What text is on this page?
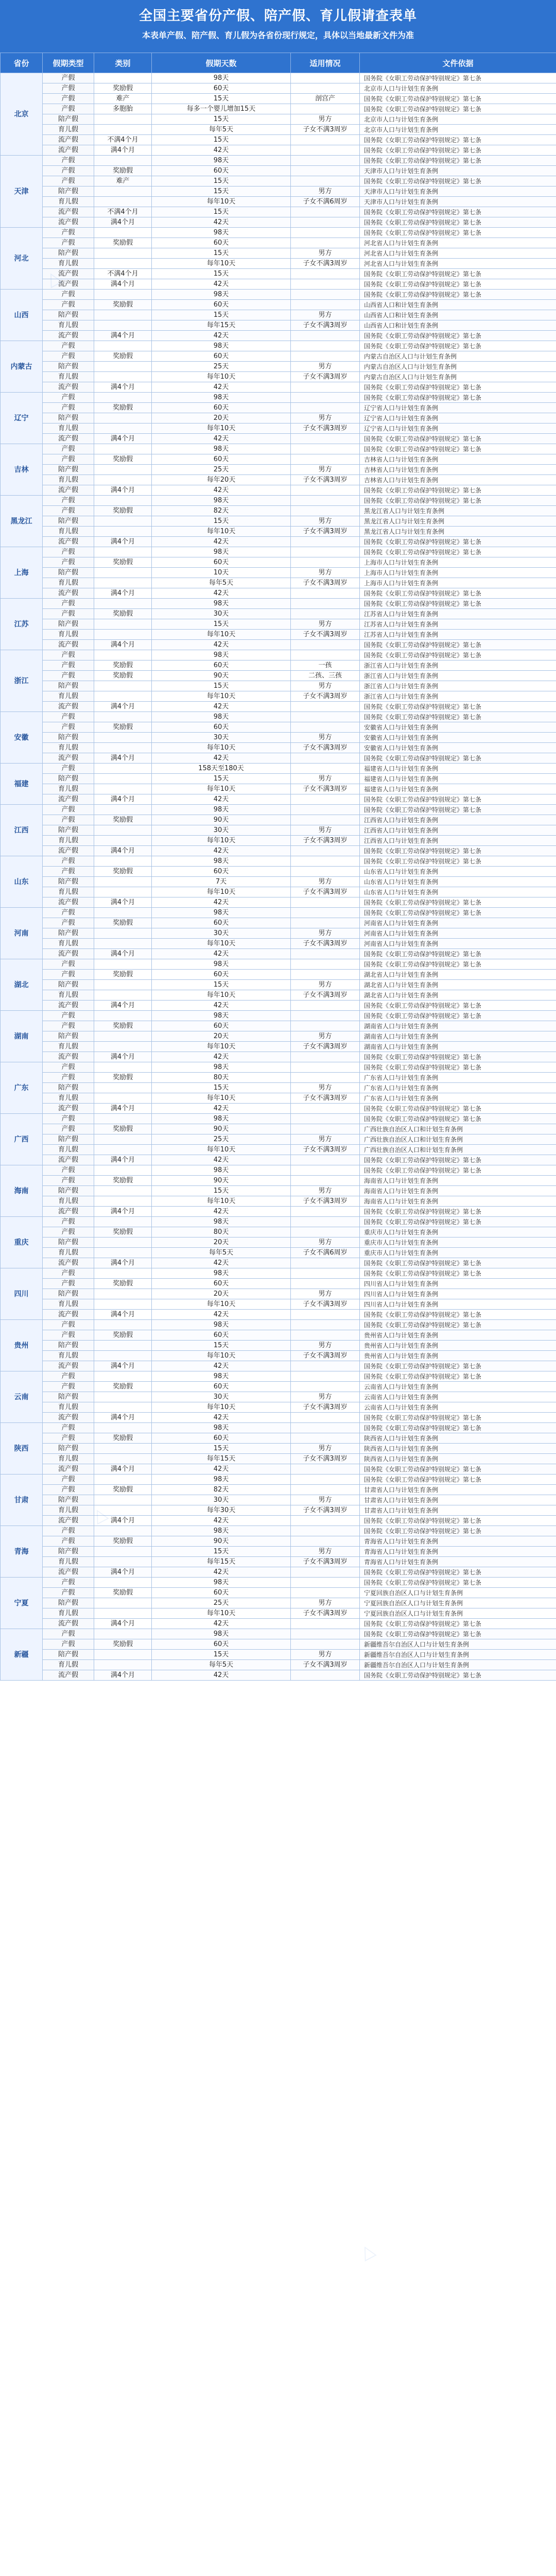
全国主要省份产假、陪产假、育儿假请查表单
本表单产假、陪产假、育儿假为各省份现行规定，具体以当地最新文件为准
省份	假期类型	类别	假期天数	适用情况	文件依据
北京	产假		98天		国务院《女职工劳动保护特别规定》第七条
	产假	奖励假	60天		北京市人口与计划生育条例
	产假	难产	15天	剖宫产	国务院《女职工劳动保护特别规定》第七条
	产假	多胞胎	每多一个婴儿增加15天		国务院《女职工劳动保护特别规定》第七条
	陪产假		15天	男方	北京市人口与计划生育条例
	育儿假		每年5天	子女不满3周岁	北京市人口与计划生育条例
	流产假	不满4个月	15天		国务院《女职工劳动保护特别规定》第七条
	流产假	满4个月	42天		国务院《女职工劳动保护特别规定》第七条
天津	产假		98天		国务院《女职工劳动保护特别规定》第七条
	产假	奖励假	60天		天津市人口与计划生育条例
	产假	难产	15天		国务院《女职工劳动保护特别规定》第七条
	陪产假		15天	男方	天津市人口与计划生育条例
	育儿假		每年10天	子女不满6周岁	天津市人口与计划生育条例
	流产假	不满4个月	15天		国务院《女职工劳动保护特别规定》第七条
	流产假	满4个月	42天		国务院《女职工劳动保护特别规定》第七条
河北	产假		98天		国务院《女职工劳动保护特别规定》第七条
	产假	奖励假	60天		河北省人口与计划生育条例
	陪产假		15天	男方	河北省人口与计划生育条例
	育儿假		每年10天	子女不满3周岁	河北省人口与计划生育条例
	流产假	不满4个月	15天		国务院《女职工劳动保护特别规定》第七条
	流产假	满4个月	42天		国务院《女职工劳动保护特别规定》第七条
山西	产假		98天		国务院《女职工劳动保护特别规定》第七条
	产假	奖励假	60天		山西省人口和计划生育条例
	陪产假		15天	男方	山西省人口和计划生育条例
	育儿假		每年15天	子女不满3周岁	山西省人口和计划生育条例
	流产假	满4个月	42天		国务院《女职工劳动保护特别规定》第七条
内蒙古	产假		98天		国务院《女职工劳动保护特别规定》第七条
	产假	奖励假	60天		内蒙古自治区人口与计划生育条例
	陪产假		25天	男方	内蒙古自治区人口与计划生育条例
	育儿假		每年10天	子女不满3周岁	内蒙古自治区人口与计划生育条例
	流产假	满4个月	42天		国务院《女职工劳动保护特别规定》第七条
辽宁	产假		98天		国务院《女职工劳动保护特别规定》第七条
	产假	奖励假	60天		辽宁省人口与计划生育条例
	陪产假		20天	男方	辽宁省人口与计划生育条例
	育儿假		每年10天	子女不满3周岁	辽宁省人口与计划生育条例
	流产假	满4个月	42天		国务院《女职工劳动保护特别规定》第七条
吉林	产假		98天		国务院《女职工劳动保护特别规定》第七条
	产假	奖励假	60天		吉林省人口与计划生育条例
	陪产假		25天	男方	吉林省人口与计划生育条例
	育儿假		每年20天	子女不满3周岁	吉林省人口与计划生育条例
	流产假	满4个月	42天		国务院《女职工劳动保护特别规定》第七条
黑龙江	产假		98天		国务院《女职工劳动保护特别规定》第七条
	产假	奖励假	82天		黑龙江省人口与计划生育条例
	陪产假		15天	男方	黑龙江省人口与计划生育条例
	育儿假		每年10天	子女不满3周岁	黑龙江省人口与计划生育条例
	流产假	满4个月	42天		国务院《女职工劳动保护特别规定》第七条
上海	产假		98天		国务院《女职工劳动保护特别规定》第七条
	产假	奖励假	60天		上海市人口与计划生育条例
	陪产假		10天	男方	上海市人口与计划生育条例
	育儿假		每年5天	子女不满3周岁	上海市人口与计划生育条例
	流产假	满4个月	42天		国务院《女职工劳动保护特别规定》第七条
江苏	产假		98天		国务院《女职工劳动保护特别规定》第七条
	产假	奖励假	30天		江苏省人口与计划生育条例
	陪产假		15天	男方	江苏省人口与计划生育条例
	育儿假		每年10天	子女不满3周岁	江苏省人口与计划生育条例
	流产假	满4个月	42天		国务院《女职工劳动保护特别规定》第七条
浙江	产假		98天		国务院《女职工劳动保护特别规定》第七条
	产假	奖励假	60天	一孩	浙江省人口与计划生育条例
	产假	奖励假	90天	二孩、三孩	浙江省人口与计划生育条例
	陪产假		15天	男方	浙江省人口与计划生育条例
	育儿假		每年10天	子女不满3周岁	浙江省人口与计划生育条例
	流产假	满4个月	42天		国务院《女职工劳动保护特别规定》第七条
安徽	产假		98天		国务院《女职工劳动保护特别规定》第七条
	产假	奖励假	60天		安徽省人口与计划生育条例
	陪产假		30天	男方	安徽省人口与计划生育条例
	育儿假		每年10天	子女不满3周岁	安徽省人口与计划生育条例
	流产假	满4个月	42天		国务院《女职工劳动保护特别规定》第七条
福建	产假		158天至180天		福建省人口与计划生育条例
	陪产假		15天	男方	福建省人口与计划生育条例
	育儿假		每年10天	子女不满3周岁	福建省人口与计划生育条例
	流产假	满4个月	42天		国务院《女职工劳动保护特别规定》第七条
江西	产假		98天		国务院《女职工劳动保护特别规定》第七条
	产假	奖励假	90天		江西省人口与计划生育条例
	陪产假		30天	男方	江西省人口与计划生育条例
	育儿假		每年10天	子女不满3周岁	江西省人口与计划生育条例
	流产假	满4个月	42天		国务院《女职工劳动保护特别规定》第七条
山东	产假		98天		国务院《女职工劳动保护特别规定》第七条
	产假	奖励假	60天		山东省人口与计划生育条例
	陪产假		7天	男方	山东省人口与计划生育条例
	育儿假		每年10天	子女不满3周岁	山东省人口与计划生育条例
	流产假	满4个月	42天		国务院《女职工劳动保护特别规定》第七条
河南	产假		98天		国务院《女职工劳动保护特别规定》第七条
	产假	奖励假	60天		河南省人口与计划生育条例
	陪产假		30天	男方	河南省人口与计划生育条例
	育儿假		每年10天	子女不满3周岁	河南省人口与计划生育条例
	流产假	满4个月	42天		国务院《女职工劳动保护特别规定》第七条
湖北	产假		98天		国务院《女职工劳动保护特别规定》第七条
	产假	奖励假	60天		湖北省人口与计划生育条例
	陪产假		15天	男方	湖北省人口与计划生育条例
	育儿假		每年10天	子女不满3周岁	湖北省人口与计划生育条例
	流产假	满4个月	42天		国务院《女职工劳动保护特别规定》第七条
湖南	产假		98天		国务院《女职工劳动保护特别规定》第七条
	产假	奖励假	60天		湖南省人口与计划生育条例
	陪产假		20天	男方	湖南省人口与计划生育条例
	育儿假		每年10天	子女不满3周岁	湖南省人口与计划生育条例
	流产假	满4个月	42天		国务院《女职工劳动保护特别规定》第七条
广东	产假		98天		国务院《女职工劳动保护特别规定》第七条
	产假	奖励假	80天		广东省人口与计划生育条例
	陪产假		15天	男方	广东省人口与计划生育条例
	育儿假		每年10天	子女不满3周岁	广东省人口与计划生育条例
	流产假	满4个月	42天		国务院《女职工劳动保护特别规定》第七条
广西	产假		98天		国务院《女职工劳动保护特别规定》第七条
	产假	奖励假	90天		广西壮族自治区人口和计划生育条例
	陪产假		25天	男方	广西壮族自治区人口和计划生育条例
	育儿假		每年10天	子女不满3周岁	广西壮族自治区人口和计划生育条例
	流产假	满4个月	42天		国务院《女职工劳动保护特别规定》第七条
海南	产假		98天		国务院《女职工劳动保护特别规定》第七条
	产假	奖励假	90天		海南省人口与计划生育条例
	陪产假		15天	男方	海南省人口与计划生育条例
	育儿假		每年10天	子女不满3周岁	海南省人口与计划生育条例
	流产假	满4个月	42天		国务院《女职工劳动保护特别规定》第七条
重庆	产假		98天		国务院《女职工劳动保护特别规定》第七条
	产假	奖励假	80天		重庆市人口与计划生育条例
	陪产假		20天	男方	重庆市人口与计划生育条例
	育儿假		每年5天	子女不满6周岁	重庆市人口与计划生育条例
	流产假	满4个月	42天		国务院《女职工劳动保护特别规定》第七条
四川	产假		98天		国务院《女职工劳动保护特别规定》第七条
	产假	奖励假	60天		四川省人口与计划生育条例
	陪产假		20天	男方	四川省人口与计划生育条例
	育儿假		每年10天	子女不满3周岁	四川省人口与计划生育条例
	流产假	满4个月	42天		国务院《女职工劳动保护特别规定》第七条
贵州	产假		98天		国务院《女职工劳动保护特别规定》第七条
	产假	奖励假	60天		贵州省人口与计划生育条例
	陪产假		15天	男方	贵州省人口与计划生育条例
	育儿假		每年10天	子女不满3周岁	贵州省人口与计划生育条例
	流产假	满4个月	42天		国务院《女职工劳动保护特别规定》第七条
云南	产假		98天		国务院《女职工劳动保护特别规定》第七条
	产假	奖励假	60天		云南省人口与计划生育条例
	陪产假		30天	男方	云南省人口与计划生育条例
	育儿假		每年10天	子女不满3周岁	云南省人口与计划生育条例
	流产假	满4个月	42天		国务院《女职工劳动保护特别规定》第七条
陕西	产假		98天		国务院《女职工劳动保护特别规定》第七条
	产假	奖励假	60天		陕西省人口与计划生育条例
	陪产假		15天	男方	陕西省人口与计划生育条例
	育儿假		每年15天	子女不满3周岁	陕西省人口与计划生育条例
	流产假	满4个月	42天		国务院《女职工劳动保护特别规定》第七条
甘肃	产假		98天		国务院《女职工劳动保护特别规定》第七条
	产假	奖励假	82天		甘肃省人口与计划生育条例
	陪产假		30天	男方	甘肃省人口与计划生育条例
	育儿假		每年30天	子女不满3周岁	甘肃省人口与计划生育条例
	流产假	满4个月	42天		国务院《女职工劳动保护特别规定》第七条
青海	产假		98天		国务院《女职工劳动保护特别规定》第七条
	产假	奖励假	90天		青海省人口与计划生育条例
	陪产假		15天	男方	青海省人口与计划生育条例
	育儿假		每年15天	子女不满3周岁	青海省人口与计划生育条例
	流产假	满4个月	42天		国务院《女职工劳动保护特别规定》第七条
宁夏	产假		98天		国务院《女职工劳动保护特别规定》第七条
	产假	奖励假	60天		宁夏回族自治区人口与计划生育条例
	陪产假		25天	男方	宁夏回族自治区人口与计划生育条例
	育儿假		每年10天	子女不满3周岁	宁夏回族自治区人口与计划生育条例
	流产假	满4个月	42天		国务院《女职工劳动保护特别规定》第七条
新疆	产假		98天		国务院《女职工劳动保护特别规定》第七条
	产假	奖励假	60天		新疆维吾尔自治区人口与计划生育条例
	陪产假		15天	男方	新疆维吾尔自治区人口与计划生育条例
	育儿假		每年5天	子女不满3周岁	新疆维吾尔自治区人口与计划生育条例
	流产假	满4个月	42天		国务院《女职工劳动保护特别规定》第七条
△
△
△
